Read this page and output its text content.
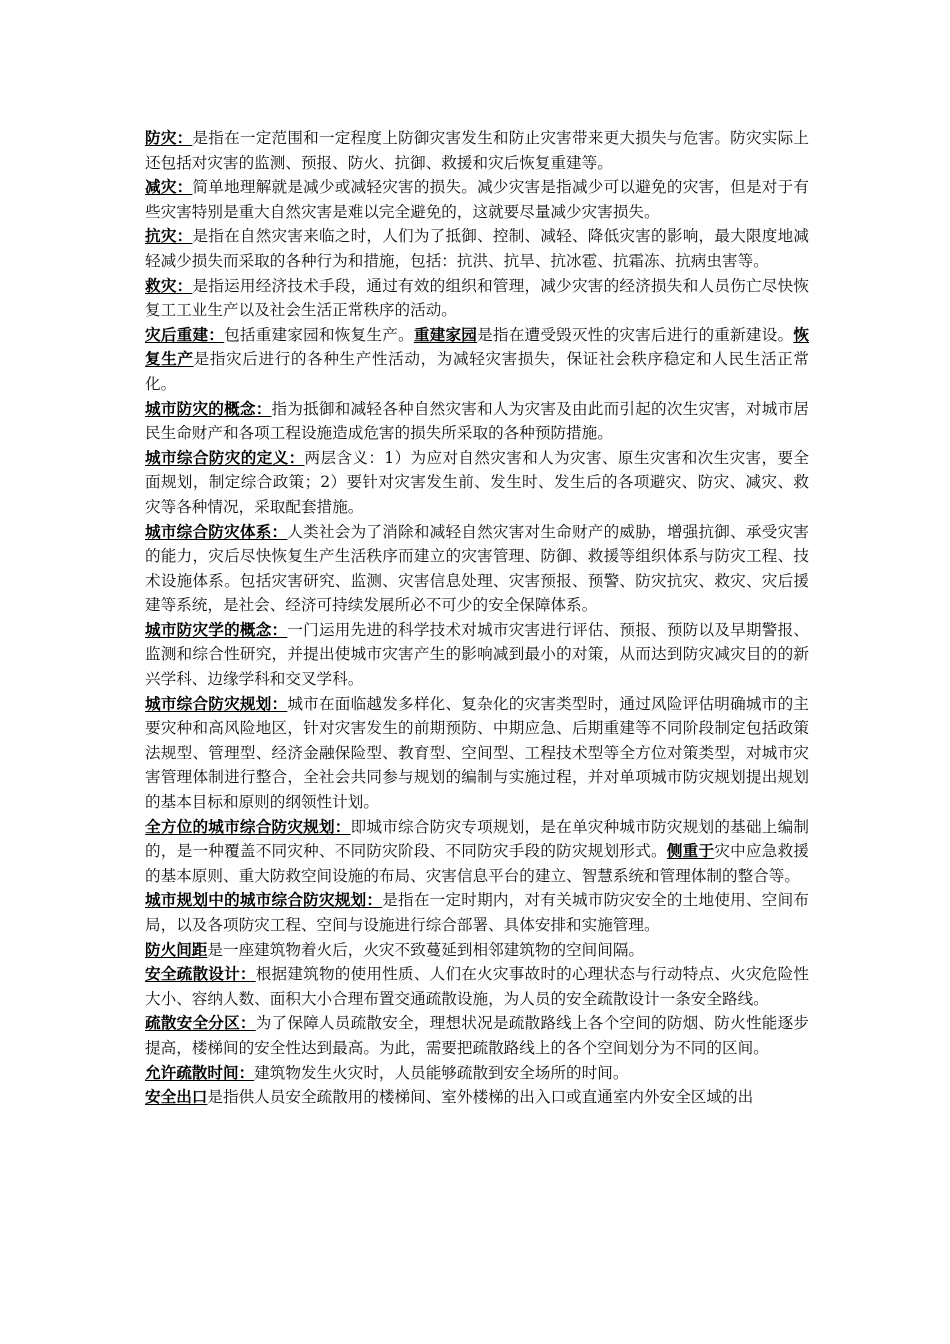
防灾：是指在一定范围和一定程度上防御灾害发生和防止灾害带来更大损失与危害。防灾实际上还包括对灾害的监测、预报、防火、抗御、救援和灾后恢复重建等。

减灾：简单地理解就是减少或减轻灾害的损失。减少灾害是指减少可以避免的灾害，但是对于有些灾害特别是重大自然灾害是难以完全避免的，这就要尽量减少灾害损失。

抗灾：是指在自然灾害来临之时，人们为了抵御、控制、减轻、降低灾害的影响，最大限度地减轻减少损失而采取的各种行为和措施，包括：抗洪、抗旱、抗冰雹、抗霜冻、抗病虫害等。

救灾：是指运用经济技术手段，通过有效的组织和管理，减少灾害的经济损失和人员伤亡尽快恢复工工业生产以及社会生活正常秩序的活动。

灾后重建：包括重建家园和恢复生产。重建家园是指在遭受毁灭性的灾害后进行的重新建设。恢复生产是指灾后进行的各种生产性活动，为减轻灾害损失，保证社会秩序稳定和人民生活正常化。

城市防灾的概念：指为抵御和减轻各种自然灾害和人为灾害及由此而引起的次生灾害，对城市居民生命财产和各项工程设施造成危害的损失所采取的各种预防措施。

城市综合防灾的定义：两层含义：1）为应对自然灾害和人为灾害、原生灾害和次生灾害，要全面规划，制定综合政策；2）要针对灾害发生前、发生时、发生后的各项避灾、防灾、减灾、救灾等各种情况，采取配套措施。

城市综合防灾体系：人类社会为了消除和减轻自然灾害对生命财产的威胁，增强抗御、承受灾害的能力，灾后尽快恢复生产生活秩序而建立的灾害管理、防御、救援等组织体系与防灾工程、技术设施体系。包括灾害研究、监测、灾害信息处理、灾害预报、预警、防灾抗灾、救灾、灾后援建等系统，是社会、经济可持续发展所必不可少的安全保障体系。

城市防灾学的概念：一门运用先进的科学技术对城市灾害进行评估、预报、预防以及早期警报、监测和综合性研究，并提出使城市灾害产生的影响减到最小的对策，从而达到防灾减灾目的的新兴学科、边缘学科和交叉学科。

城市综合防灾规划：城市在面临越发多样化、复杂化的灾害类型时，通过风险评估明确城市的主要灾种和高风险地区，针对灾害发生的前期预防、中期应急、后期重建等不同阶段制定包括政策法规型、管理型、经济金融保险型、教育型、空间型、工程技术型等全方位对策类型，对城市灾害管理体制进行整合，全社会共同参与规划的编制与实施过程，并对单项城市防灾规划提出规划的基本目标和原则的纲领性计划。

全方位的城市综合防灾规划：即城市综合防灾专项规划，是在单灾种城市防灾规划的基础上编制的，是一种覆盖不同灾种、不同防灾阶段、不同防灾手段的防灾规划形式。侧重于灾中应急救援的基本原则、重大防救空间设施的布局、灾害信息平台的建立、智慧系统和管理体制的整合等。

城市规划中的城市综合防灾规划：是指在一定时期内，对有关城市防灾安全的土地使用、空间布局，以及各项防灾工程、空间与设施进行综合部署、具体安排和实施管理。

防火间距是一座建筑物着火后，火灾不致蔓延到相邻建筑物的空间间隔。

安全疏散设计：根据建筑物的使用性质、人们在火灾事故时的心理状态与行动特点、火灾危险性大小、容纳人数、面积大小合理布置交通疏散设施，为人员的安全疏散设计一条安全路线。

疏散安全分区：为了保障人员疏散安全，理想状况是疏散路线上各个空间的防烟、防火性能逐步提高，楼梯间的安全性达到最高。为此，需要把疏散路线上的各个空间划分为不同的区间。

允许疏散时间：建筑物发生火灾时，人员能够疏散到安全场所的时间。

安全出口是指供人员安全疏散用的楼梯间、室外楼梯的出入口或直通室内外安全区域的出
